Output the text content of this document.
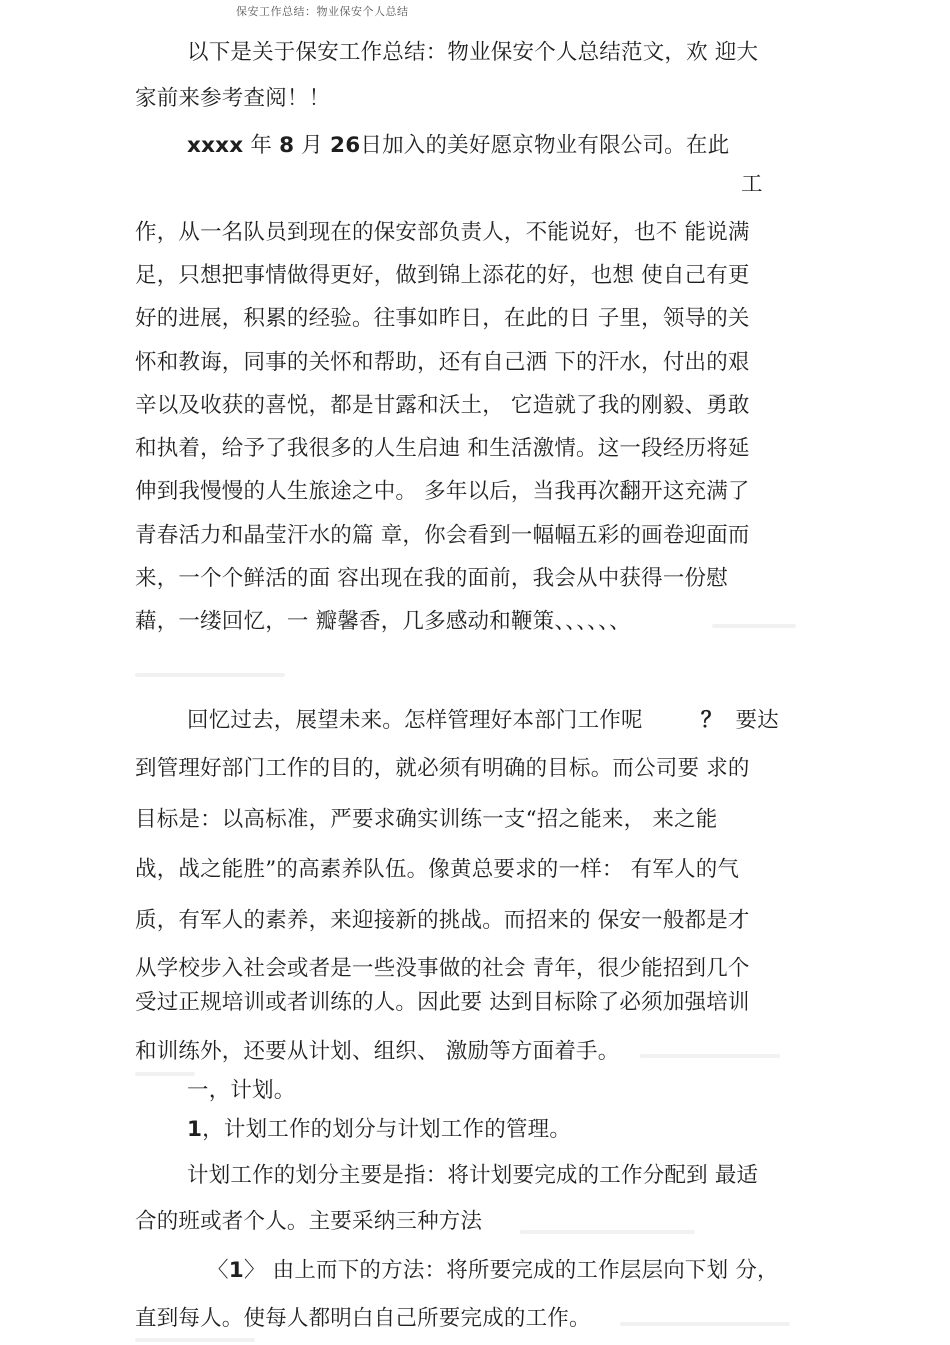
保安工作总结：物业保安个人总结
以下是关于保安工作总结：物业保安个人总结范文，欢 迎大
家前来参考查阅！！
xxxx 年 8 月 26日加入的美好愿京物业有限公司。在此
工
作，从一名队员到现在的保安部负责人，不能说好，也不 能说满
足，只想把事情做得更好，做到锦上添花的好，也想 使自己有更
好的进展，积累的经验。往事如昨日，在此的日 子里，领导的关
怀和教诲，同事的关怀和帮助，还有自己洒 下的汗水，付出的艰
辛以及收获的喜悦，都是甘露和沃土， 它造就了我的刚毅、勇敢
和执着，给予了我很多的人生启迪 和生活激情。这一段经历将延
伸到我慢慢的人生旅途之中。 多年以后，当我再次翻开这充满了
青春活力和晶莹汗水的篇 章，你会看到一幅幅五彩的画卷迎面而
来，一个个鲜活的面 容出现在我的面前，我会从中获得一份慰
藉，一缕回忆，一 瓣馨香，几多感动和鞭策、、、、、、
回忆过去，展望未来。怎样管理好本部门工作呢	？ 要达
到管理好部门工作的目的，就必须有明确的目标。而公司要 求的
目标是：以高标准，严要求确实训练一支“招之能来， 来之能
战，战之能胜”的高素养队伍。像黄总要求的一样： 有军人的气
质，有军人的素养，来迎接新的挑战。而招来的 保安一般都是才
从学校步入社会或者是一些没事做的社会 青年，很少能招到几个
受过正规培训或者训练的人。因此要 达到目标除了必须加强培训
和训练外，还要从计划、组织、 激励等方面着手。
一，计划。
1，计划工作的划分与计划工作的管理。
计划工作的划分主要是指：将计划要完成的工作分配到 最适
合的班或者个人。主要采纳三种方法
〈1〉 由上而下的方法：将所要完成的工作层层向下划 分，
直到每人。使每人都明白自己所要完成的工作。
